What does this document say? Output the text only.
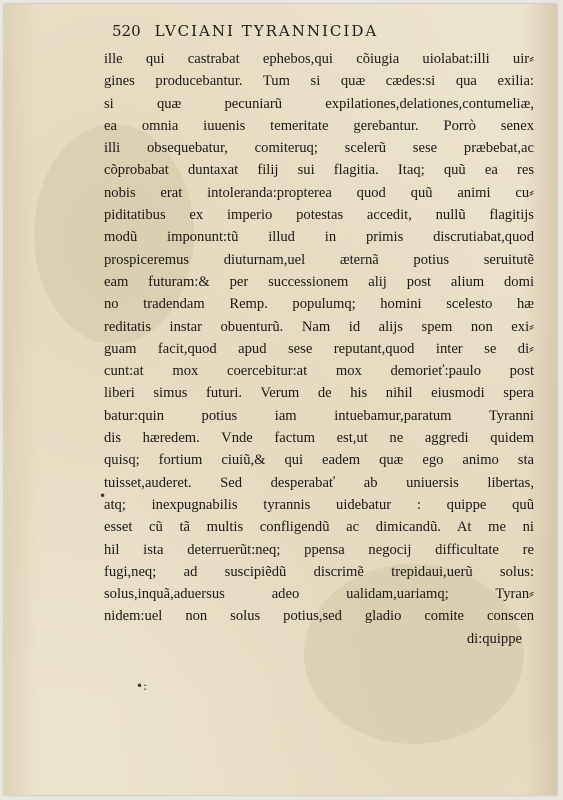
520 LVCIANI TYRANNICIDA
ille qui castrabat ephebos,qui cõiugia uiolabat:illi uir⸗
gines producebantur. Tum si quæ cædes:si qua exilia:
si quæ pecuniarũ expilationes,delationes,contumeliæ,
ea omnia iuuenis temeritate gerebantur. Porrò senex
illi obsequebatur, comiteruq; scelerũ sese præbebat,ac
cõprobabat duntaxat filij sui flagitia. Itaq; quũ ea res
nobis erat intoleranda:propterea quod quũ animi cu⸗
piditatibus ex imperio potestas accedit, nullũ flagitijs
modũ imponunt:tũ illud in primis discrutiabat,quod
prospiceremus diuturnam,uel æternã potius seruitutẽ
eam futuram:& per successionem alij post alium domi
no tradendam Remp. populumq; homini scelesto hæ
reditatis instar obuenturũ. Nam id alijs spem non exi⸗
guam facit,quod apud sese reputant,quod inter se di⸗
cunt:at mox coercebitur:at mox demorieť:paulo post
liberi simus futuri. Verum de his nihil eiusmodi spera
batur:quin potius iam intuebamur,paratum Tyranni
dis hæredem. Vnde factum est,ut ne aggredi quidem
quisq; fortium ciuiũ,& qui eadem quæ ego animo sta
tuisset,auderet. Sed desperabať ab uniuersis libertas,
atq; inexpugnabilis tyrannis uidebatur : quippe quũ
esset cũ tã multis confligendũ ac dimicandũ. At me ni
hil ista deterruerũt:neq; ppensa negocij difficultate re
fugi,neq; ad suscipiẽdũ discrimẽ trepidaui,uerũ solus:
solus,inquã,aduersus adeo ualidam,uariamq; Tyran⸗
nidem:uel non solus potius,sed gladio comite conscen
di:quippe
•
•:
